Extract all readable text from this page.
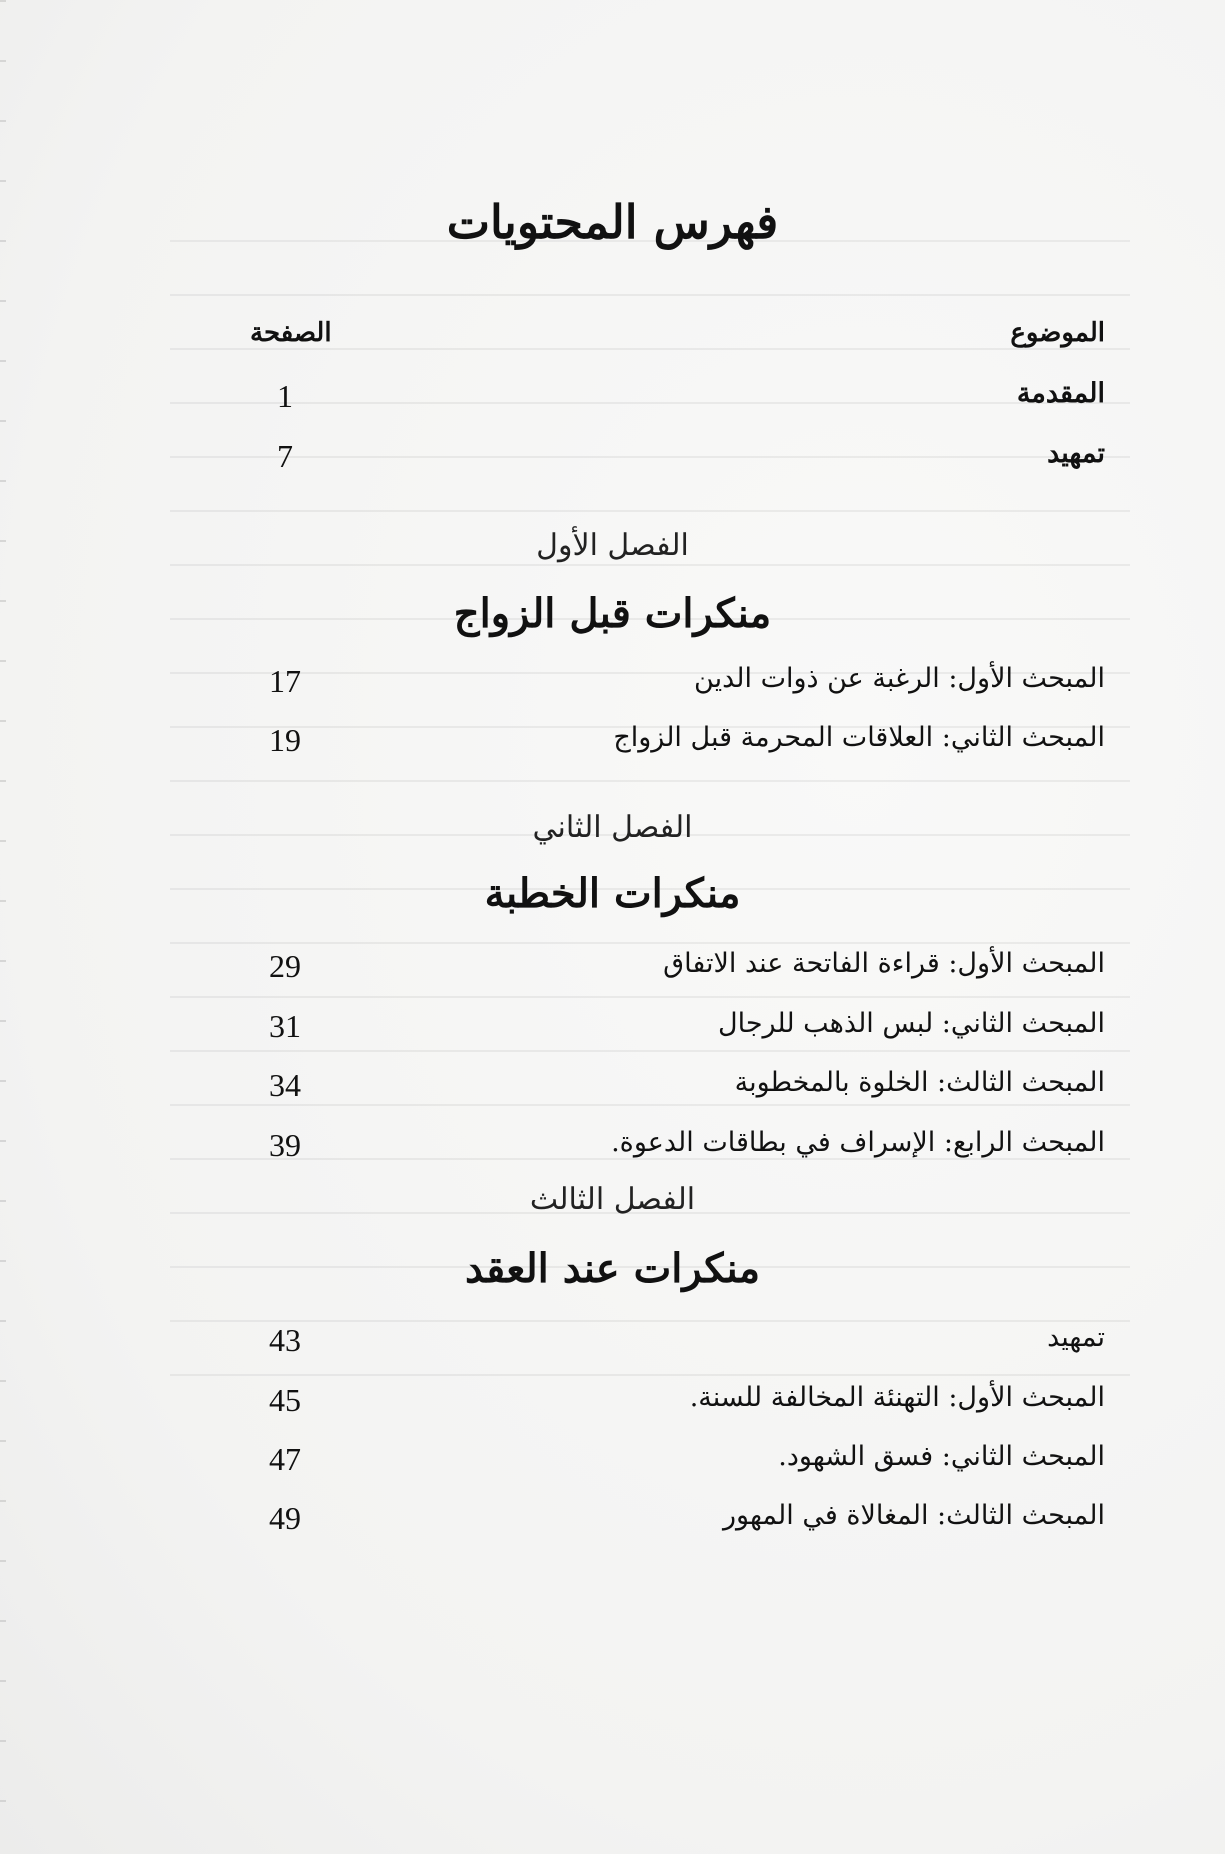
فهرس المحتويات
الموضوع
الصفحة
المقدمة
1
تمهيد
7
الفصل الأول
منكرات قبل الزواج
المبحث الأول: الرغبة عن ذوات الدين
17
المبحث الثاني: العلاقات المحرمة قبل الزواج
19
الفصل الثاني
منكرات الخطبة
المبحث الأول: قراءة الفاتحة عند الاتفاق
29
المبحث الثاني: لبس الذهب للرجال
31
المبحث الثالث: الخلوة بالمخطوبة
34
المبحث الرابع: الإسراف في بطاقات الدعوة.
39
الفصل الثالث
منكرات عند العقد
تمهيد
43
المبحث الأول: التهنئة المخالفة للسنة.
45
المبحث الثاني: فسق الشهود.
47
المبحث الثالث: المغالاة في المهور
49
